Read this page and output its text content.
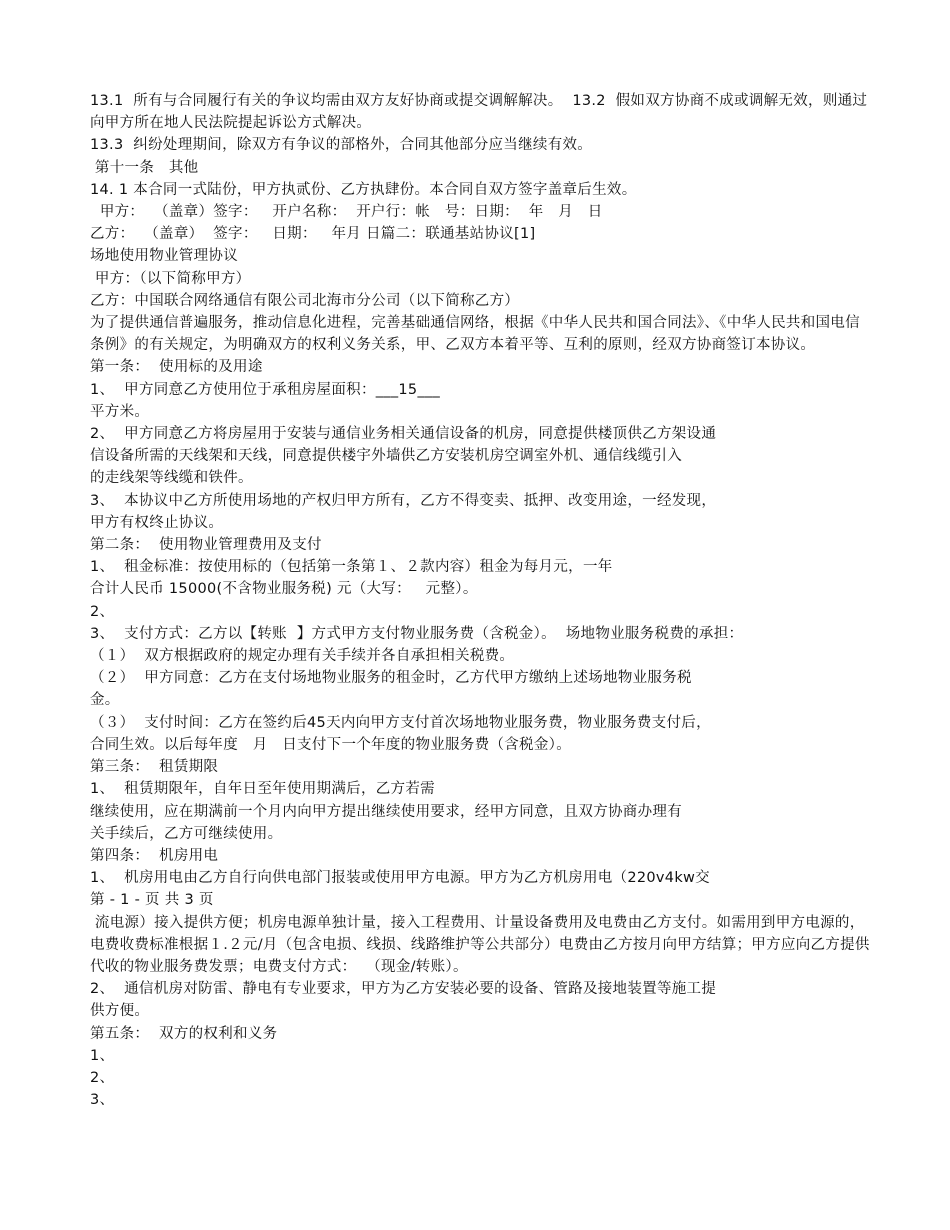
13.1  所有与合同履行有关的争议均需由双方友好协商或提交调解解决。  13.2  假如双方协商不成或调解无效，则通过向甲方所在地人民法院提起诉讼方式解决。
13.3  纠纷处理期间，除双方有争议的部格外，合同其他部分应当继续有效。
第十一条   其他
14. 1 本合同一式陆份，甲方执贰份、乙方执肆份。本合同自双方签字盖章后生效。
甲方：  （盖章）签字：   开户名称：  开户行：帐   号：日期：  年   月   日
乙方：  （盖章）  签字：   日期：   年月 日篇二：联通基站协议[1]
场地使用物业管理协议
甲方：（以下简称甲方）
乙方：中国联合网络通信有限公司北海市分公司（以下简称乙方）
为了提供通信普遍服务，推动信息化进程，完善基础通信网络，根据《中华人民共和国合同法》、《中华人民共和国电信条例》的有关规定，为明确双方的权利义务关系，甲、乙双方本着平等、互利的原则，经双方协商签订本协议。
第一条：  使用标的及用途
1、  甲方同意乙方使用位于承租房屋面积：___15___
平方米。
2、  甲方同意乙方将房屋用于安装与通信业务相关通信设备的机房，同意提供楼顶供乙方架设通
信设备所需的天线架和天线，同意提供楼宇外墙供乙方安装机房空调室外机、通信线缆引入
的走线架等线缆和铁件。
3、  本协议中乙方所使用场地的产权归甲方所有，乙方不得变卖、抵押、改变用途，一经发现，
甲方有权终止协议。
第二条：  使用物业管理费用及支付
1、  租金标准：按使用标的（包括第一条第１、２款内容）租金为每月元，一年
合计人民币 15000(不含物业服务税) 元（大写：   元整）。
2、
3、  支付方式：乙方以【转账  】方式甲方支付物业服务费（含税金）。  场地物业服务税费的承担：
（１）  双方根据政府的规定办理有关手续并各自承担相关税费。
（２）  甲方同意：乙方在支付场地物业服务的租金时，乙方代甲方缴纳上述场地物业服务税
金。
（３）  支付时间：乙方在签约后45天内向甲方支付首次场地物业服务费，物业服务费支付后，
合同生效。以后每年度   月   日支付下一个年度的物业服务费（含税金）。
第三条：  租赁期限
1、  租赁期限年，自年日至年使用期满后，乙方若需
继续使用，应在期满前一个月内向甲方提出继续使用要求，经甲方同意，且双方协商办理有
关手续后，乙方可继续使用。
第四条：  机房用电
1、  机房用电由乙方自行向供电部门报装或使用甲方电源。甲方为乙方机房用电（220v4kw交
第 - 1 - 页 共 3 页
流电源）接入提供方便；机房电源单独计量，接入工程费用、计量设备费用及电费由乙方支付。如需用到甲方电源的，电费收费标准根据１.２元/月（包含电损、线损、线路维护等公共部分）电费由乙方按月向甲方结算；甲方应向乙方提供代收的物业服务费发票；电费支付方式：  （现金/转账）。
2、  通信机房对防雷、静电有专业要求，甲方为乙方安装必要的设备、管路及接地装置等施工提
供方便。
第五条：  双方的权利和义务
1、
2、
3、
